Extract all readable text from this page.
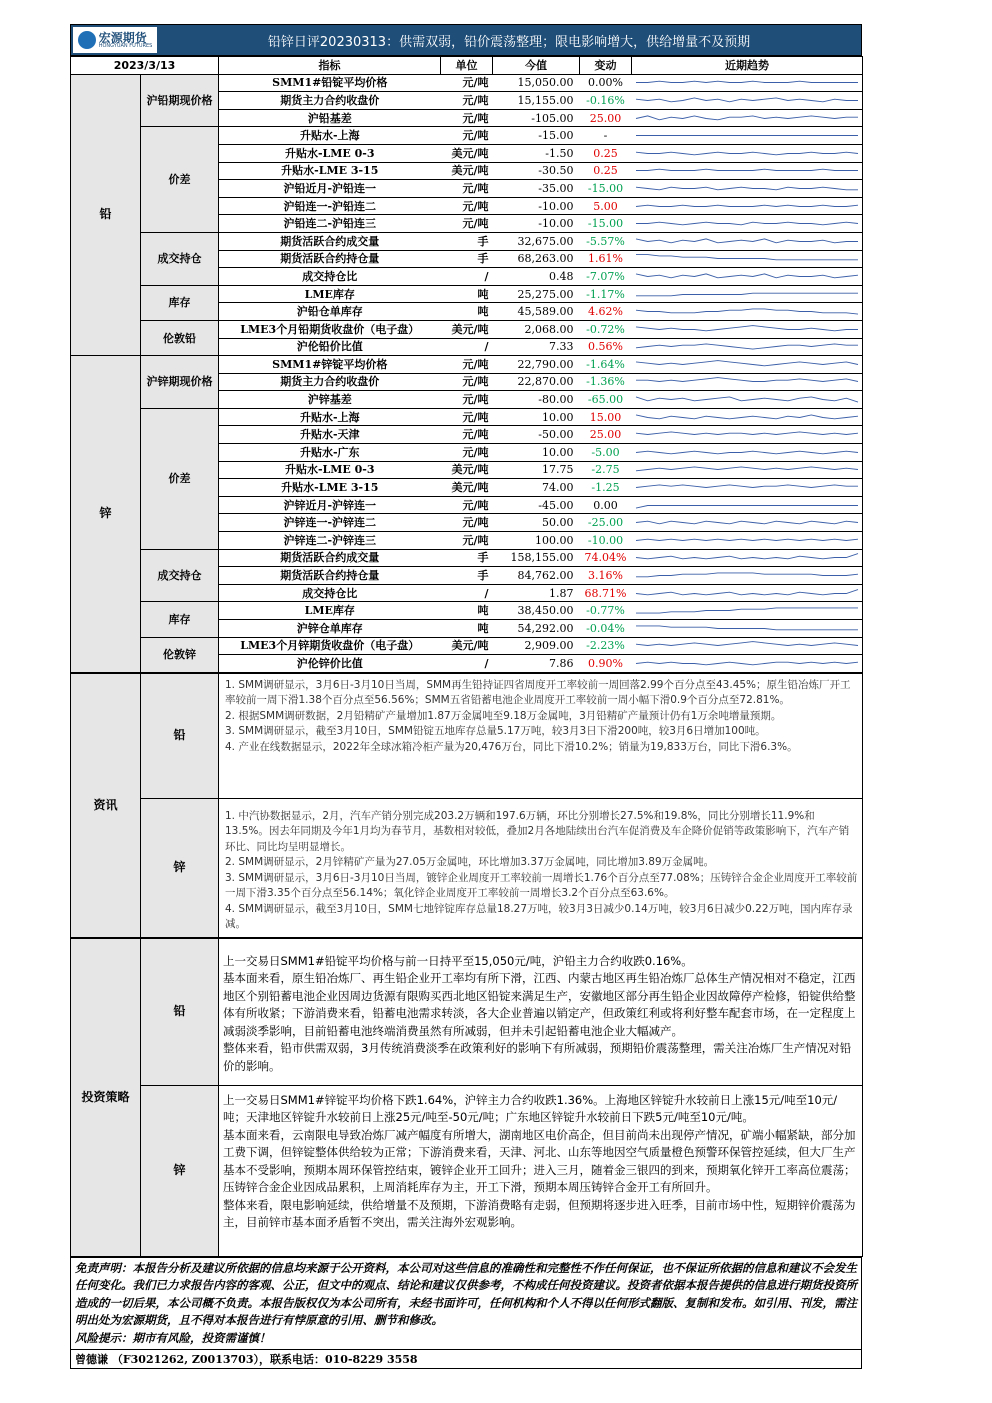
宏源期货
HONGYUAN FUTURES	铅锌日评20230313：供需双弱，铅价震荡整理；限电影响增大，供给增量不及预期
2023/3/13		指标	单位	今值	变动	近期趋势
铅	沪铅期现价格	SMM1#铅锭平均价格	元/吨	15,050.00	0.00%	

		期货主力合约收盘价	元/吨	15,155.00	-0.16%	

		沪铅基差	元/吨	-105.00	25.00	

	价差	升贴水-上海	元/吨	-15.00	-	

		升贴水-LME 0-3	美元/吨	-1.50	0.25	

		升贴水-LME 3-15	美元/吨	-30.50	0.25	

		沪铅近月-沪铅连一	元/吨	-35.00	-15.00	

		沪铅连一-沪铅连二	元/吨	-10.00	5.00	

		沪铅连二-沪铅连三	元/吨	-10.00	-15.00	

	成交持仓	期货活跃合约成交量	手	32,675.00	-5.57%	

		期货活跃合约持仓量	手	68,263.00	1.61%	

		成交持仓比	/	0.48	-7.07%	

	库存	LME库存	吨	25,275.00	-1.17%	

		沪铅仓单库存	吨	45,589.00	4.62%	

	伦敦铅	LME3个月铅期货收盘价（电子盘）	美元/吨	2,068.00	-0.72%	

		沪伦铅价比值	/	7.33	0.56%	

锌	沪锌期现价格	SMM1#锌锭平均价格	元/吨	22,790.00	-1.64%	

		期货主力合约收盘价	元/吨	22,870.00	-1.36%	

		沪锌基差	元/吨	-80.00	-65.00	

	价差	升贴水-上海	元/吨	10.00	15.00	

		升贴水-天津	元/吨	-50.00	25.00	

		升贴水-广东	元/吨	10.00	-5.00	

		升贴水-LME 0-3	美元/吨	17.75	-2.75	

		升贴水-LME 3-15	美元/吨	74.00	-1.25	

		沪锌近月-沪锌连一	元/吨	-45.00	0.00	

		沪锌连一-沪锌连二	元/吨	50.00	-25.00	

		沪锌连二-沪锌连三	元/吨	100.00	-10.00	

	成交持仓	期货活跃合约成交量	手	158,155.00	74.04%	

		期货活跃合约持仓量	手	84,762.00	3.16%	

		成交持仓比	/	1.87	68.71%	

	库存	LME库存	吨	38,450.00	-0.77%	

		沪锌仓单库存	吨	54,292.00	-0.04%	

	伦敦锌	LME3个月锌期货收盘价（电子盘）	美元/吨	2,909.00	-2.23%	

		沪伦锌价比值	/	7.86	0.90%	
资讯	铅	1. SMM调研显示，3月6日-3月10日当周，SMM再生铅持证四省周度开工率较前一周回落2.99个百分点至43.45%；原生铅冶炼厂开工率较前一周下滑1.38个百分点至56.56%；SMM五省铅蓄电池企业周度开工率较前一周小幅下滑0.9个百分点至72.81%。
2. 根据SMM调研数据，2月铅精矿产量增加1.87万金属吨至9.18万金属吨，3月铅精矿产量预计仍有1万余吨增量预期。
3. SMM调研显示，截至3月10日，SMM铅锭五地库存总量5.17万吨，较3月3日下滑200吨，较3月6日增加100吨。
4. 产业在线数据显示，2022年全球冰箱冷柜产量为20,476万台，同比下滑10.2%；销量为19,833万台，同比下滑6.3%。

	锌	1. 中汽协数据显示，2月，汽车产销分别完成203.2万辆和197.6万辆，环比分别增长27.5%和19.8%，同比分别增长11.9%和13.5%。因去年同期及今年1月均为春节月，基数相对较低，叠加2月各地陆续出台汽车促消费及车企降价促销等政策影响下，汽车产销环比、同比均呈明显增长。
2. SMM调研显示，2月锌精矿产量为27.05万金属吨，环比增加3.37万金属吨，同比增加3.89万金属吨。
3. SMM调研显示，3月6日-3月10日当周，镀锌企业周度开工率较前一周增长1.76个百分点至77.08%；压铸锌合金企业周度开工率较前一周下滑3.35个百分点至56.14%；氧化锌企业周度开工率较前一周增长3.2个百分点至63.6%。
4. SMM调研显示，截至3月10日，SMM七地锌锭库存总量18.27万吨，较3月3日减少0.14万吨，较3月6日减少0.22万吨，国内库存录减。
投资策略	铅	上一交易日SMM1#铅锭平均价格与前一日持平至15,050元/吨，沪铅主力合约收跌0.16%。

基本面来看，原生铅冶炼厂、再生铅企业开工率均有所下滑，江西、内蒙古地区再生铅冶炼厂总体生产情况相对不稳定，江西地区个别铅蓄电池企业因周边货源有限购买西北地区铅锭来满足生产，安徽地区部分再生铅企业因故障停产检修，铅锭供给整体有所收紧；下游消费来看，铅蓄电池需求转淡，各大企业普遍以销定产，但政策红利或将利好整车配套市场，在一定程度上减弱淡季影响，目前铅蓄电池终端消费虽然有所减弱，但并未引起铅蓄电池企业大幅减产。

整体来看，铅市供需双弱，3月传统消费淡季在政策利好的影响下有所减弱，预期铅价震荡整理，需关注冶炼厂生产情况对铅价的影响。

	锌	上一交易日SMM1#锌锭平均价格下跌1.64%，沪锌主力合约收跌1.36%。上海地区锌锭升水较前日上涨15元/吨至10元/吨；天津地区锌锭升水较前日上涨25元/吨至-50元/吨；广东地区锌锭升水较前日下跌5元/吨至10元/吨。

基本面来看，云南限电导致冶炼厂减产幅度有所增大，湖南地区电价高企，但目前尚未出现停产情况，矿端小幅紧缺，部分加工费下调，但锌锭整体供给较为正常；下游消费来看，天津、河北、山东等地因空气质量橙色预警环保管控延续，但大厂生产基本不受影响，预期本周环保管控结束，镀锌企业开工回升；进入三月，随着金三银四的到来，预期氧化锌开工率高位震荡；压铸锌合金企业因成品累积，上周消耗库存为主，开工下滑，预期本周压铸锌合金开工有所回升。

整体来看，限电影响延续，供给增量不及预期，下游消费略有走弱，但预期将逐步进入旺季，目前市场中性，短期锌价震荡为主，目前锌市基本面矛盾暂不突出，需关注海外宏观影响。

免责声明：本报告分析及建议所依据的信息均来源于公开资料，本公司对这些信息的准确性和完整性不作任何保证，也不保证所依据的信息和建议不会发生任何变化。我们已力求报告内容的客观、公正，但文中的观点、结论和建议仅供参考，不构成任何投资建议。投资者依据本报告提供的信息进行期货投资所造成的一切后果，本公司概不负责。本报告版权仅为本公司所有，未经书面许可，任何机构和个人不得以任何形式翻版、复制和发布。如引用、刊发，需注明出处为宏源期货，且不得对本报告进行有悖原意的引用、删节和修改。
风险提示：期市有风险，投资需谨慎！

曾德谦 （F3021262, Z0013703），联系电话：010-8229 3558
